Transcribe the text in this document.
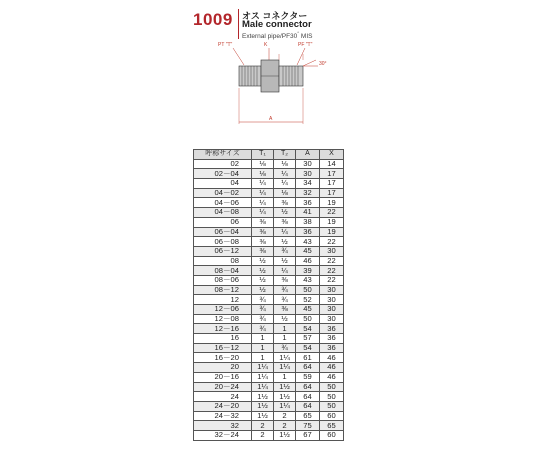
1009 オス コネクター
Male connector
External pipe/PF30° MIS
PT "T"	K	PF "T"
30°
A
呼称サイズ	T₁	T₂	A	X
02	⅛	⅛	30	14
02－04	⅛	¼	30	17
04	¼	¼	34	17
04－02	¼	⅛	32	17
04－06	¼	⅜	36	19
04－08	¼	½	41	22
06	⅜	⅜	38	19
06－04	⅜	¼	36	19
06－08	⅜	½	43	22
06－12	⅜	¾	45	30
08	½	½	46	22
08－04	½	¼	39	22
08－06	½	⅜	43	22
08－12	½	¾	50	30
12	¾	¾	52	30
12－06	¾	⅜	45	30
12－08	¾	½	50	30
12－16	¾	1	54	36
16	1	1	57	36
16－12	1	¾	54	36
16－20	1	1¼	61	46
20	1¼	1¼	64	46
20－16	1¼	1	59	46
20－24	1¼	1½	64	50
24	1½	1½	64	50
24－20	1½	1¼	64	50
24－32	1½	2	65	60
32	2	2	75	65
32－24	2	1½	67	60
